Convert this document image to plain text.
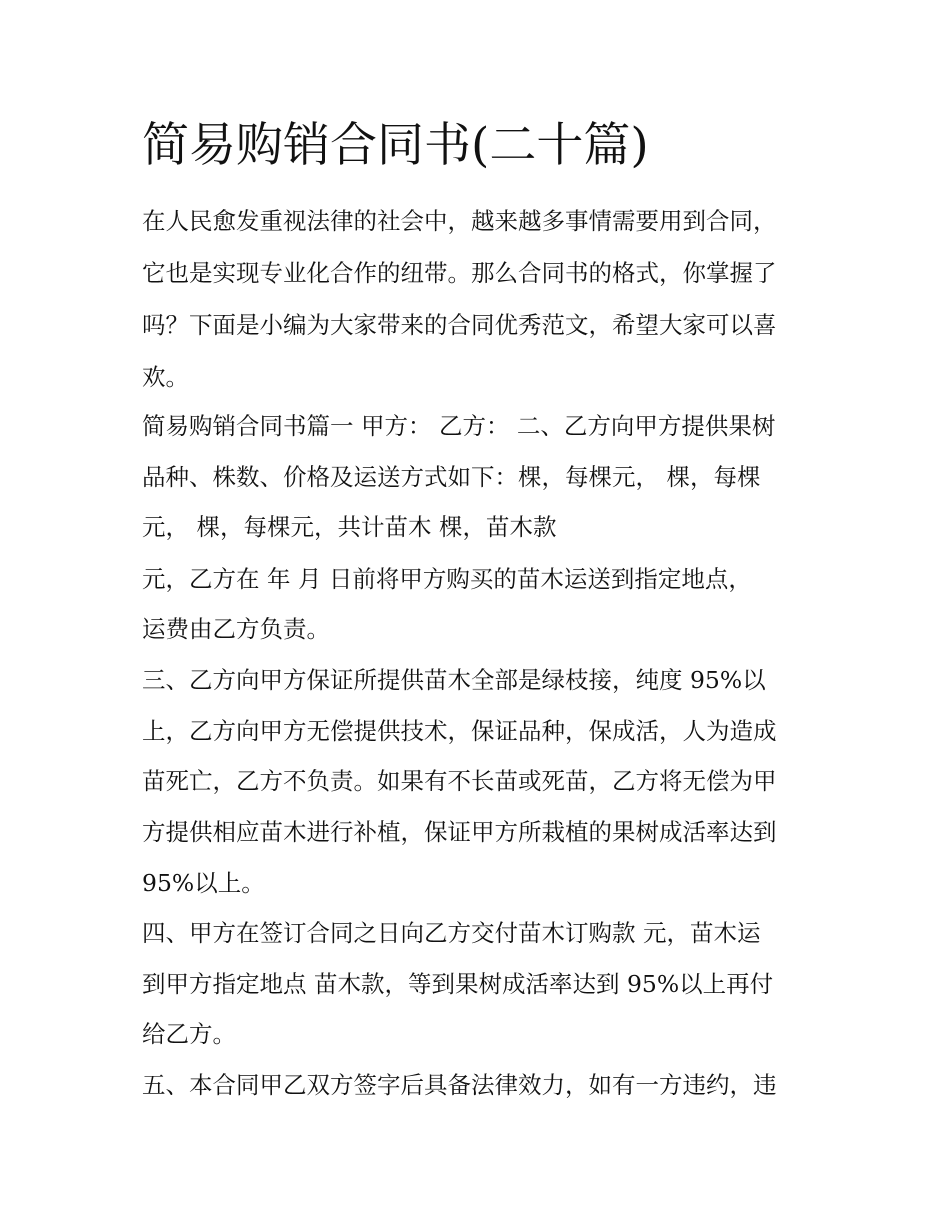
简易购销合同书(二十篇)

在人民愈发重视法律的社会中，越来越多事情需要用到合同，

它也是实现专业化合作的纽带。那么合同书的格式，你掌握了

吗？下面是小编为大家带来的合同优秀范文，希望大家可以喜

欢。

简易购销合同书篇一 甲方： 乙方： 二、乙方向甲方提供果树

品种、株数、价格及运送方式如下：棵，每棵元， 棵，每棵

元， 棵，每棵元，共计苗木 棵，苗木款

元，乙方在 年 月 日前将甲方购买的苗木运送到指定地点，

运费由乙方负责。

三、乙方向甲方保证所提供苗木全部是绿枝接，纯度 95%以

上，乙方向甲方无偿提供技术，保证品种，保成活，人为造成

苗死亡，乙方不负责。如果有不长苗或死苗，乙方将无偿为甲

方提供相应苗木进行补植，保证甲方所栽植的果树成活率达到

95%以上。

四、甲方在签订合同之日向乙方交付苗木订购款 元，苗木运

到甲方指定地点 苗木款，等到果树成活率达到 95%以上再付

给乙方。

五、本合同甲乙双方签字后具备法律效力，如有一方违约，违
